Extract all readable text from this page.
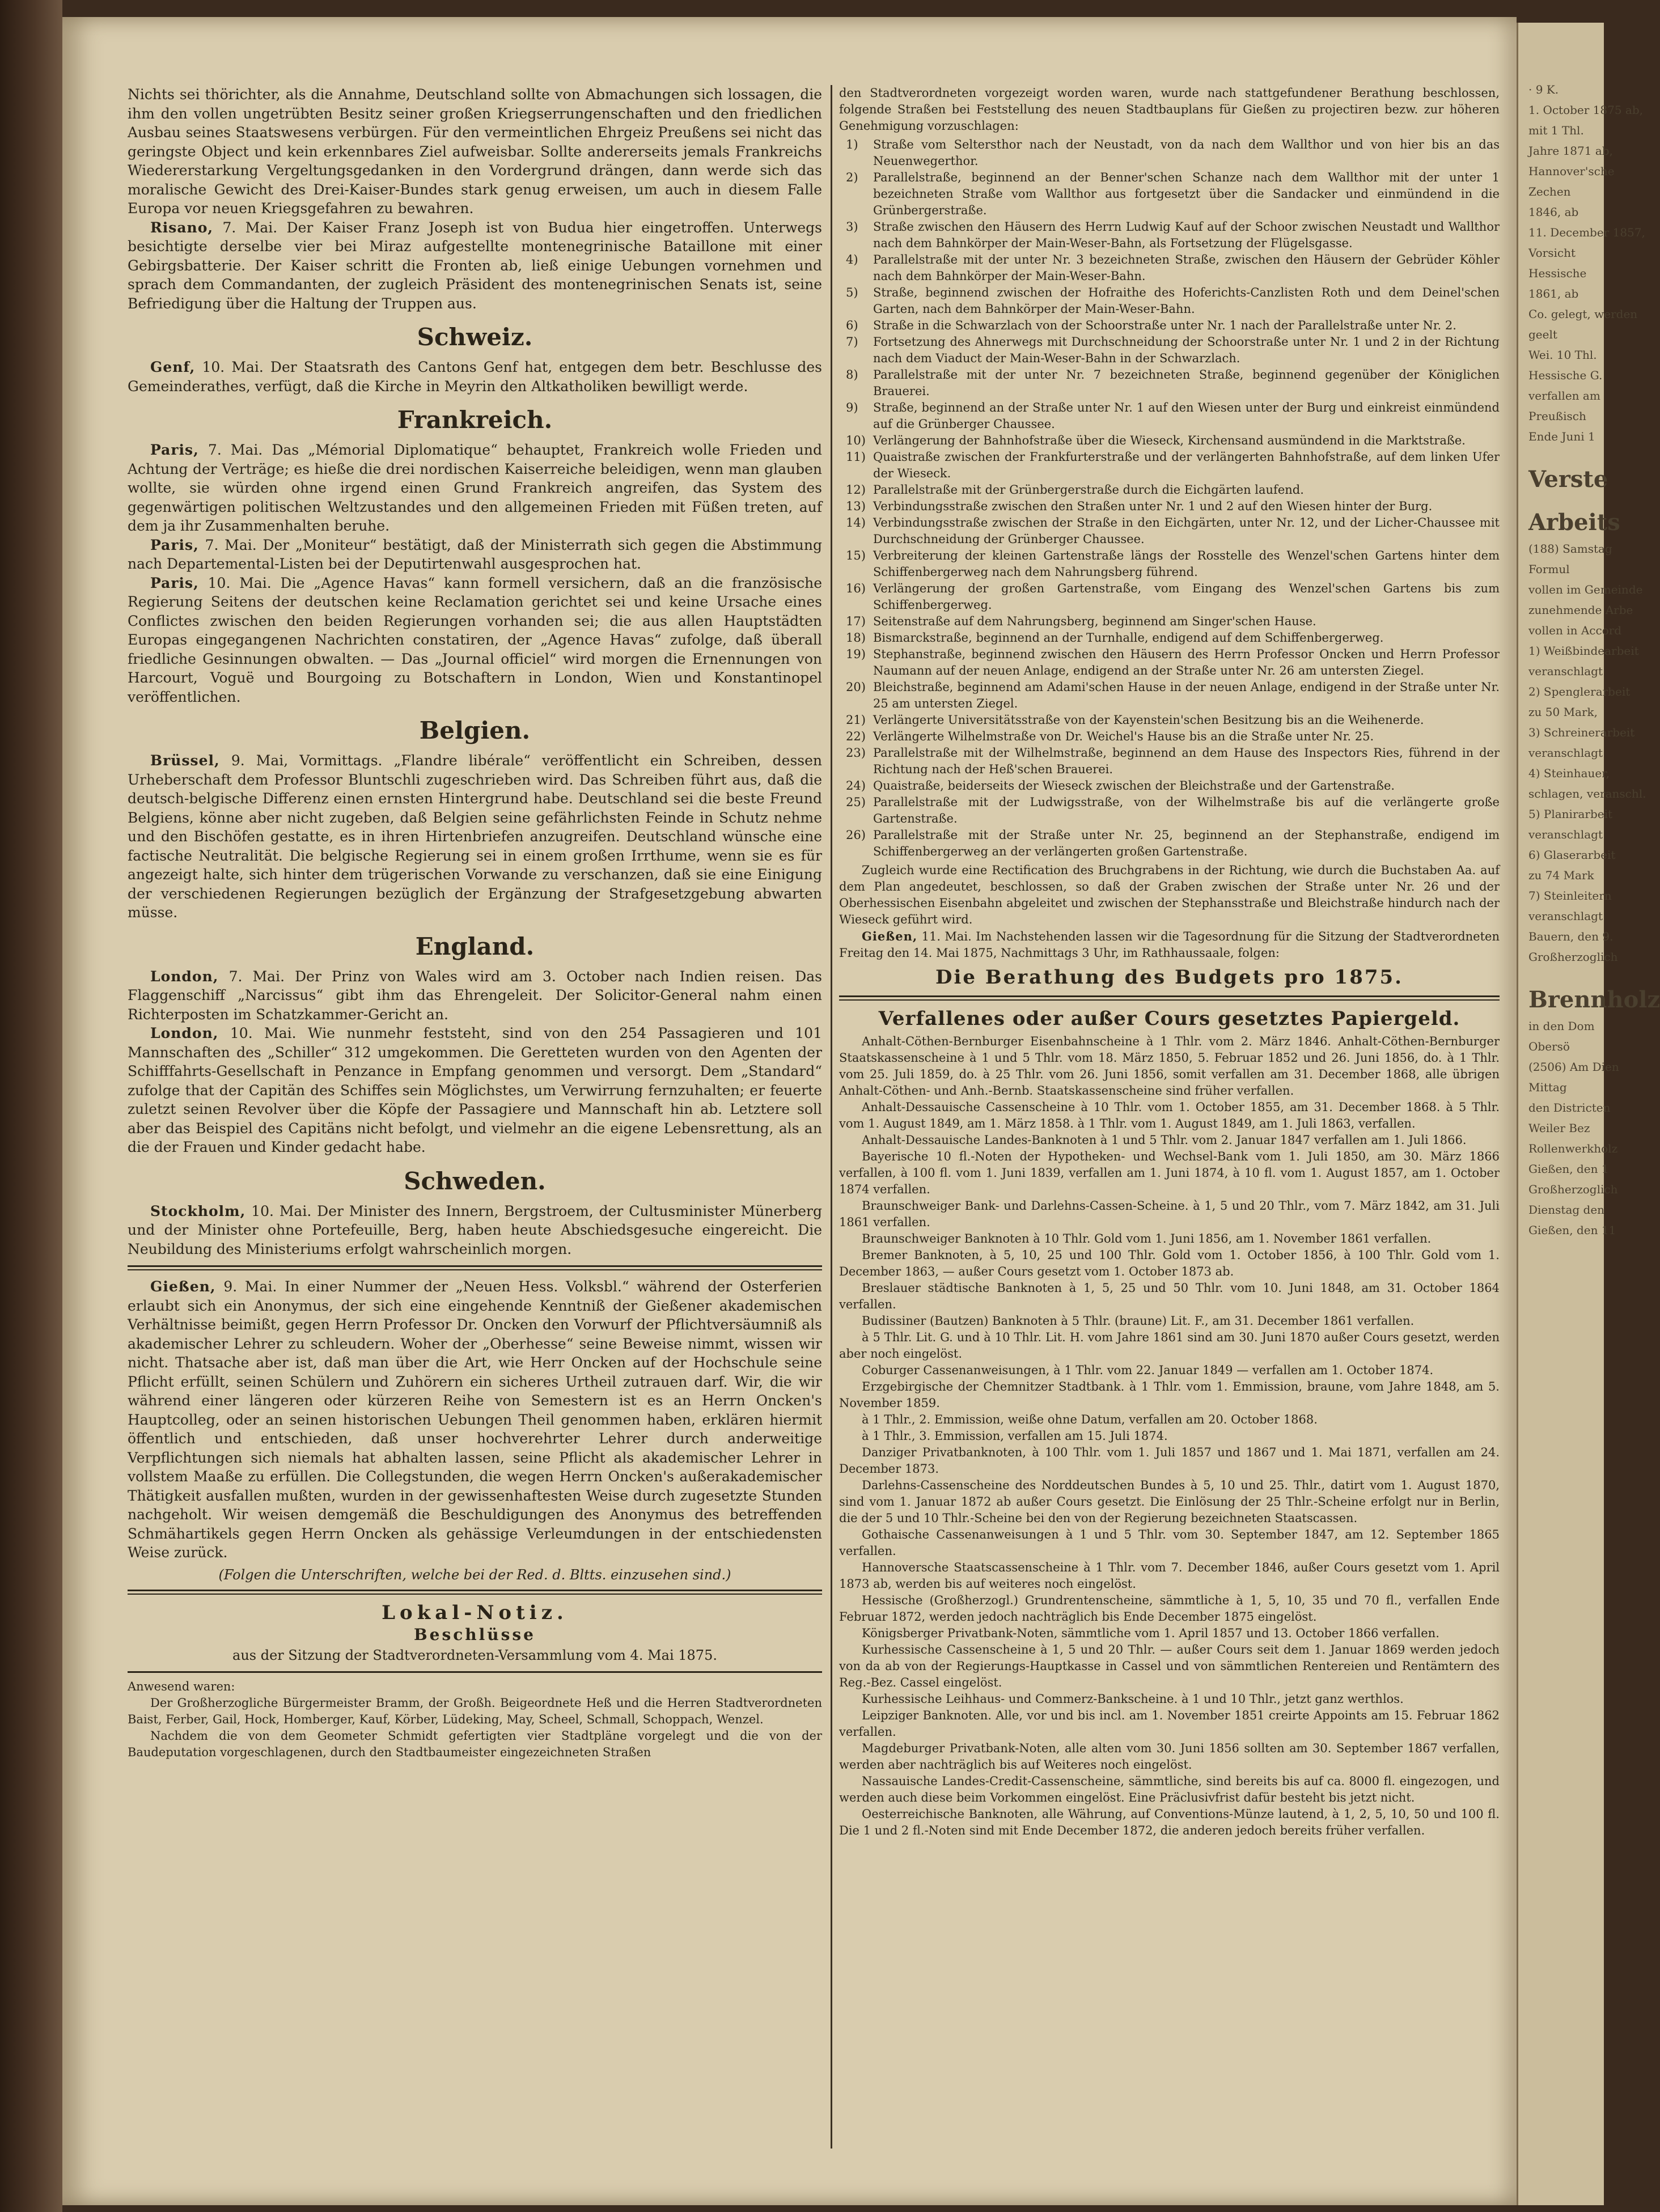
Nichts sei thörichter, als die Annahme, Deutschland sollte von Abmachungen sich lossagen, die ihm den vollen ungetrübten Besitz seiner großen Kriegserrungenschaften und den friedlichen Ausbau seines Staatswesens verbürgen. Für den vermeintlichen Ehrgeiz Preußens sei nicht das geringste Object und kein erkennbares Ziel aufweisbar. Sollte andererseits jemals Frankreichs Wiedererstarkung Vergeltungsgedanken in den Vordergrund drängen, dann werde sich das moralische Gewicht des Drei-Kaiser-Bundes stark genug erweisen, um auch in diesem Falle Europa vor neuen Kriegsgefahren zu bewahren.

Risano, 7. Mai. Der Kaiser Franz Joseph ist von Budua hier eingetroffen. Unterwegs besichtigte derselbe vier bei Miraz aufgestellte montenegrinische Bataillone mit einer Gebirgsbatterie. Der Kaiser schritt die Fronten ab, ließ einige Uebungen vornehmen und sprach dem Commandanten, der zugleich Präsident des montenegrinischen Senats ist, seine Befriedigung über die Haltung der Truppen aus.

Schweiz.

Genf, 10. Mai. Der Staatsrath des Cantons Genf hat, entgegen dem betr. Beschlusse des Gemeinderathes, verfügt, daß die Kirche in Meyrin den Altkatholiken bewilligt werde.

Frankreich.

Paris, 7. Mai. Das „Mémorial Diplomatique“ behauptet, Frankreich wolle Frieden und Achtung der Verträge; es hieße die drei nordischen Kaiserreiche beleidigen, wenn man glauben wollte, sie würden ohne irgend einen Grund Frankreich angreifen, das System des gegenwärtigen politischen Weltzustandes und den allgemeinen Frieden mit Füßen treten, auf dem ja ihr Zusammenhalten beruhe.

Paris, 7. Mai. Der „Moniteur“ bestätigt, daß der Ministerrath sich gegen die Abstimmung nach Departemental-Listen bei der Deputirtenwahl ausgesprochen hat.

Paris, 10. Mai. Die „Agence Havas“ kann formell versichern, daß an die französische Regierung Seitens der deutschen keine Reclamation gerichtet sei und keine Ursache eines Conflictes zwischen den beiden Regierungen vorhanden sei; die aus allen Hauptstädten Europas eingegangenen Nachrichten constatiren, der „Agence Havas“ zufolge, daß überall friedliche Gesinnungen obwalten. — Das „Journal officiel“ wird morgen die Ernennungen von Harcourt, Voguë und Bourgoing zu Botschaftern in London, Wien und Konstantinopel veröffentlichen.

Belgien.

Brüssel, 9. Mai, Vormittags. „Flandre libérale“ veröffentlicht ein Schreiben, dessen Urheberschaft dem Professor Bluntschli zugeschrieben wird. Das Schreiben führt aus, daß die deutsch-belgische Differenz einen ernsten Hintergrund habe. Deutschland sei die beste Freund Belgiens, könne aber nicht zugeben, daß Belgien seine gefährlichsten Feinde in Schutz nehme und den Bischöfen gestatte, es in ihren Hirtenbriefen anzugreifen. Deutschland wünsche eine factische Neutralität. Die belgische Regierung sei in einem großen Irrthume, wenn sie es für angezeigt halte, sich hinter dem trügerischen Vorwande zu verschanzen, daß sie eine Einigung der verschiedenen Regierungen bezüglich der Ergänzung der Strafgesetzgebung abwarten müsse.

England.

London, 7. Mai. Der Prinz von Wales wird am 3. October nach Indien reisen. Das Flaggenschiff „Narcissus“ gibt ihm das Ehrengeleit. Der Solicitor-General nahm einen Richterposten im Schatzkammer-Gericht an.

London, 10. Mai. Wie nunmehr feststeht, sind von den 254 Passagieren und 101 Mannschaften des „Schiller“ 312 umgekommen. Die Geretteten wurden von den Agenten der Schifffahrts-Gesellschaft in Penzance in Empfang genommen und versorgt. Dem „Standard“ zufolge that der Capitän des Schiffes sein Möglichstes, um Verwirrung fernzuhalten; er feuerte zuletzt seinen Revolver über die Köpfe der Passagiere und Mannschaft hin ab. Letztere soll aber das Beispiel des Capitäns nicht befolgt, und vielmehr an die eigene Lebensrettung, als an die der Frauen und Kinder gedacht habe.

Schweden.

Stockholm, 10. Mai. Der Minister des Innern, Bergstroem, der Cultusminister Münerberg und der Minister ohne Portefeuille, Berg, haben heute Abschiedsgesuche eingereicht. Die Neubildung des Ministeriums erfolgt wahrscheinlich morgen.

Gießen, 9. Mai. In einer Nummer der „Neuen Hess. Volksbl.“ während der Osterferien erlaubt sich ein Anonymus, der sich eine eingehende Kenntniß der Gießener akademischen Verhältnisse beimißt, gegen Herrn Professor Dr. Oncken den Vorwurf der Pflichtversäumniß als akademischer Lehrer zu schleudern. Woher der „Oberhesse“ seine Beweise nimmt, wissen wir nicht. Thatsache aber ist, daß man über die Art, wie Herr Oncken auf der Hochschule seine Pflicht erfüllt, seinen Schülern und Zuhörern ein sicheres Urtheil zutrauen darf. Wir, die wir während einer längeren oder kürzeren Reihe von Semestern ist es an Herrn Oncken's Hauptcolleg, oder an seinen historischen Uebungen Theil genommen haben, erklären hiermit öffentlich und entschieden, daß unser hochverehrter Lehrer durch anderweitige Verpflichtungen sich niemals hat abhalten lassen, seine Pflicht als akademischer Lehrer in vollstem Maaße zu erfüllen. Die Collegstunden, die wegen Herrn Oncken's außerakademischer Thätigkeit ausfallen mußten, wurden in der gewissenhaftesten Weise durch zugesetzte Stunden nachgeholt. Wir weisen demgemäß die Beschuldigungen des Anonymus des betreffenden Schmähartikels gegen Herrn Oncken als gehässige Verleumdungen in der entschiedensten Weise zurück.

(Folgen die Unterschriften, welche bei der Red. d. Bltts. einzusehen sind.)
Lokal-Notiz.
Beschlüsse
aus der Sitzung der Stadtverordneten-Versammlung vom 4. Mai 1875.

Anwesend waren:

Der Großherzogliche Bürgermeister Bramm, der Großh. Beigeordnete Heß und die Herren Stadtverordneten Baist, Ferber, Gail, Hock, Homberger, Kauf, Körber, Lüdeking, May, Scheel, Schmall, Schoppach, Wenzel.

Nachdem die von dem Geometer Schmidt gefertigten vier Stadtpläne vorgelegt und die von der Baudeputation vorgeschlagenen, durch den Stadtbaumeister eingezeichneten Straßen

den Stadtverordneten vorgezeigt worden waren, wurde nach stattgefundener Berathung beschlossen, folgende Straßen bei Feststellung des neuen Stadtbauplans für Gießen zu projectiren bezw. zur höheren Genehmigung vorzuschlagen:

1) Straße vom Seltersthor nach der Neustadt, von da nach dem Wallthor und von hier bis an das Neuenwegerthor.
2) Parallelstraße, beginnend an der Benner'schen Schanze nach dem Wallthor mit der unter 1 bezeichneten Straße vom Wallthor aus fortgesetzt über die Sandacker und einmündend in die Grünbergerstraße.
3) Straße zwischen den Häusern des Herrn Ludwig Kauf auf der Schoor zwischen Neustadt und Wallthor nach dem Bahnkörper der Main-Weser-Bahn, als Fortsetzung der Flügelsgasse.
4) Parallelstraße mit der unter Nr. 3 bezeichneten Straße, zwischen den Häusern der Gebrüder Köhler nach dem Bahnkörper der Main-Weser-Bahn.
5) Straße, beginnend zwischen der Hofraithe des Hoferichts-Canzlisten Roth und dem Deinel'schen Garten, nach dem Bahnkörper der Main-Weser-Bahn.
6) Straße in die Schwarzlach von der Schoorstraße unter Nr. 1 nach der Parallelstraße unter Nr. 2.
7) Fortsetzung des Ahnerwegs mit Durchschneidung der Schoorstraße unter Nr. 1 und 2 in der Richtung nach dem Viaduct der Main-Weser-Bahn in der Schwarzlach.
8) Parallelstraße mit der unter Nr. 7 bezeichneten Straße, beginnend gegenüber der Königlichen Brauerei.
9) Straße, beginnend an der Straße unter Nr. 1 auf den Wiesen unter der Burg und einkreist einmündend auf die Grünberger Chaussee.
10) Verlängerung der Bahnhofstraße über die Wieseck, Kirchensand ausmündend in die Marktstraße.
11) Quaistraße zwischen der Frankfurterstraße und der verlängerten Bahnhofstraße, auf dem linken Ufer der Wieseck.
12) Parallelstraße mit der Grünbergerstraße durch die Eichgärten laufend.
13) Verbindungsstraße zwischen den Straßen unter Nr. 1 und 2 auf den Wiesen hinter der Burg.
14) Verbindungsstraße zwischen der Straße in den Eichgärten, unter Nr. 12, und der Licher-Chaussee mit Durchschneidung der Grünberger Chaussee.
15) Verbreiterung der kleinen Gartenstraße längs der Rosstelle des Wenzel'schen Gartens hinter dem Schiffenbergerweg nach dem Nahrungsberg führend.
16) Verlängerung der großen Gartenstraße, vom Eingang des Wenzel'schen Gartens bis zum Schiffenbergerweg.
17) Seitenstraße auf dem Nahrungsberg, beginnend am Singer'schen Hause.
18) Bismarckstraße, beginnend an der Turnhalle, endigend auf dem Schiffenbergerweg.
19) Stephanstraße, beginnend zwischen den Häusern des Herrn Professor Oncken und Herrn Professor Naumann auf der neuen Anlage, endigend an der Straße unter Nr. 26 am untersten Ziegel.
20) Bleichstraße, beginnend am Adami'schen Hause in der neuen Anlage, endigend in der Straße unter Nr. 25 am untersten Ziegel.
21) Verlängerte Universitätsstraße von der Kayenstein'schen Besitzung bis an die Weihenerde.
22) Verlängerte Wilhelmstraße von Dr. Weichel's Hause bis an die Straße unter Nr. 25.
23) Parallelstraße mit der Wilhelmstraße, beginnend an dem Hause des Inspectors Ries, führend in der Richtung nach der Heß'schen Brauerei.
24) Quaistraße, beiderseits der Wieseck zwischen der Bleichstraße und der Gartenstraße.
25) Parallelstraße mit der Ludwigsstraße, von der Wilhelmstraße bis auf die verlängerte große Gartenstraße.
26) Parallelstraße mit der Straße unter Nr. 25, beginnend an der Stephanstraße, endigend im Schiffenbergerweg an der verlängerten großen Gartenstraße.

Zugleich wurde eine Rectification des Bruchgrabens in der Richtung, wie durch die Buchstaben Aa. auf dem Plan angedeutet, beschlossen, so daß der Graben zwischen der Straße unter Nr. 26 und der Oberhessischen Eisenbahn abgeleitet und zwischen der Stephansstraße und Bleichstraße hindurch nach der Wieseck geführt wird.

Gießen, 11. Mai. Im Nachstehenden lassen wir die Tagesordnung für die Sitzung der Stadtverordneten Freitag den 14. Mai 1875, Nachmittags 3 Uhr, im Rathhaussaale, folgen:

Die Berathung des Budgets pro 1875.
Verfallenes oder außer Cours gesetztes Papiergeld.

Anhalt-Cöthen-Bernburger Eisenbahnscheine à 1 Thlr. vom 2. März 1846. Anhalt-Cöthen-Bernburger Staatskassenscheine à 1 und 5 Thlr. vom 18. März 1850, 5. Februar 1852 und 26. Juni 1856, do. à 1 Thlr. vom 25. Juli 1859, do. à 25 Thlr. vom 26. Juni 1856, somit verfallen am 31. December 1868, alle übrigen Anhalt-Cöthen- und Anh.-Bernb. Staatskassenscheine sind früher verfallen.

Anhalt-Dessauische Cassenscheine à 10 Thlr. vom 1. October 1855, am 31. December 1868. à 5 Thlr. vom 1. August 1849, am 1. März 1858. à 1 Thlr. vom 1. August 1849, am 1. Juli 1863, verfallen.

Anhalt-Dessauische Landes-Banknoten à 1 und 5 Thlr. vom 2. Januar 1847 verfallen am 1. Juli 1866.

Bayerische 10 fl.-Noten der Hypotheken- und Wechsel-Bank vom 1. Juli 1850, am 30. März 1866 verfallen, à 100 fl. vom 1. Juni 1839, verfallen am 1. Juni 1874, à 10 fl. vom 1. August 1857, am 1. October 1874 verfallen.

Braunschweiger Bank- und Darlehns-Cassen-Scheine. à 1, 5 und 20 Thlr., vom 7. März 1842, am 31. Juli 1861 verfallen.

Braunschweiger Banknoten à 10 Thlr. Gold vom 1. Juni 1856, am 1. November 1861 verfallen.

Bremer Banknoten, à 5, 10, 25 und 100 Thlr. Gold vom 1. October 1856, à 100 Thlr. Gold vom 1. December 1863, — außer Cours gesetzt vom 1. October 1873 ab.

Breslauer städtische Banknoten à 1, 5, 25 und 50 Thlr. vom 10. Juni 1848, am 31. October 1864 verfallen.

Budissiner (Bautzen) Banknoten à 5 Thlr. (braune) Lit. F., am 31. December 1861 verfallen.

à 5 Thlr. Lit. G. und à 10 Thlr. Lit. H. vom Jahre 1861 sind am 30. Juni 1870 außer Cours gesetzt, werden aber noch eingelöst.

Coburger Cassenanweisungen, à 1 Thlr. vom 22. Januar 1849 — verfallen am 1. October 1874.

Erzgebirgische der Chemnitzer Stadtbank. à 1 Thlr. vom 1. Emmission, braune, vom Jahre 1848, am 5. November 1859.

à 1 Thlr., 2. Emmission, weiße ohne Datum, verfallen am 20. October 1868.

à 1 Thlr., 3. Emmission, verfallen am 15. Juli 1874.

Danziger Privatbanknoten, à 100 Thlr. vom 1. Juli 1857 und 1867 und 1. Mai 1871, verfallen am 24. December 1873.

Darlehns-Cassenscheine des Norddeutschen Bundes à 5, 10 und 25. Thlr., datirt vom 1. August 1870, sind vom 1. Januar 1872 ab außer Cours gesetzt. Die Einlösung der 25 Thlr.-Scheine erfolgt nur in Berlin, die der 5 und 10 Thlr.-Scheine bei den von der Regierung bezeichneten Staatscassen.

Gothaische Cassenanweisungen à 1 und 5 Thlr. vom 30. September 1847, am 12. September 1865 verfallen.

Hannoversche Staatscassenscheine à 1 Thlr. vom 7. December 1846, außer Cours gesetzt vom 1. April 1873 ab, werden bis auf weiteres noch eingelöst.

Hessische (Großherzogl.) Grundrentenscheine, sämmtliche à 1, 5, 10, 35 und 70 fl., verfallen Ende Februar 1872, werden jedoch nachträglich bis Ende December 1875 eingelöst.

Königsberger Privatbank-Noten, sämmtliche vom 1. April 1857 und 13. October 1866 verfallen.

Kurhessische Cassenscheine à 1, 5 und 20 Thlr. — außer Cours seit dem 1. Januar 1869 werden jedoch von da ab von der Regierungs-Hauptkasse in Cassel und von sämmtlichen Rentereien und Rentämtern des Reg.-Bez. Cassel eingelöst.

Kurhessische Leihhaus- und Commerz-Bankscheine. à 1 und 10 Thlr., jetzt ganz werthlos.

Leipziger Banknoten. Alle, vor und bis incl. am 1. November 1851 creirte Appoints am 15. Februar 1862 verfallen.

Magdeburger Privatbank-Noten, alle alten vom 30. Juni 1856 sollten am 30. September 1867 verfallen, werden aber nachträglich bis auf Weiteres noch eingelöst.

Nassauische Landes-Credit-Cassenscheine, sämmtliche, sind bereits bis auf ca. 8000 fl. eingezogen, und werden auch diese beim Vorkommen eingelöst. Eine Präclusivfrist dafür besteht bis jetzt nicht.

Oesterreichische Banknoten, alle Währung, auf Conventions-Münze lautend, à 1, 2, 5, 10, 50 und 100 fl. Die 1 und 2 fl.-Noten sind mit Ende December 1872, die anderen jedoch bereits früher verfallen.

· 9 K.
1. October 1875 ab,
mit 1 Thl.
Jahre 1871 ab,
Hannover'sche
Zechen
1846, ab
11. December 1857,
Vorsicht
Hessische
1861, ab
Co. gelegt, werden
geelt
Wei. 10 Thl.
Hessische G.
verfallen am
Preußisch
Ende Juni 1
Verste
Arbeits
(188) Samstag
Formul
vollen im Gemeinde
zunehmende Arbe
vollen in Accord
1) Weißbindearbeit
veranschlagt
2) Spenglerarbeit
zu 50 Mark,
3) Schreinerarbeit
veranschlagt
4) Steinhauer,
schlagen, veranschl.
5) Planirarbeit
veranschlagt
6) Glaserarbeit
zu 74 Mark
7) Steinleitern
veranschlagt
Bauern, den 9.
Großherzoglich
Brennholz
in den Dom
Obersö
(2506) Am Dien
Mittag
den Districten
Weiler Bez
Rollenwerkholz
Gießen, den 1
Großherzoglich
Dienstag den
Gießen, den 11
